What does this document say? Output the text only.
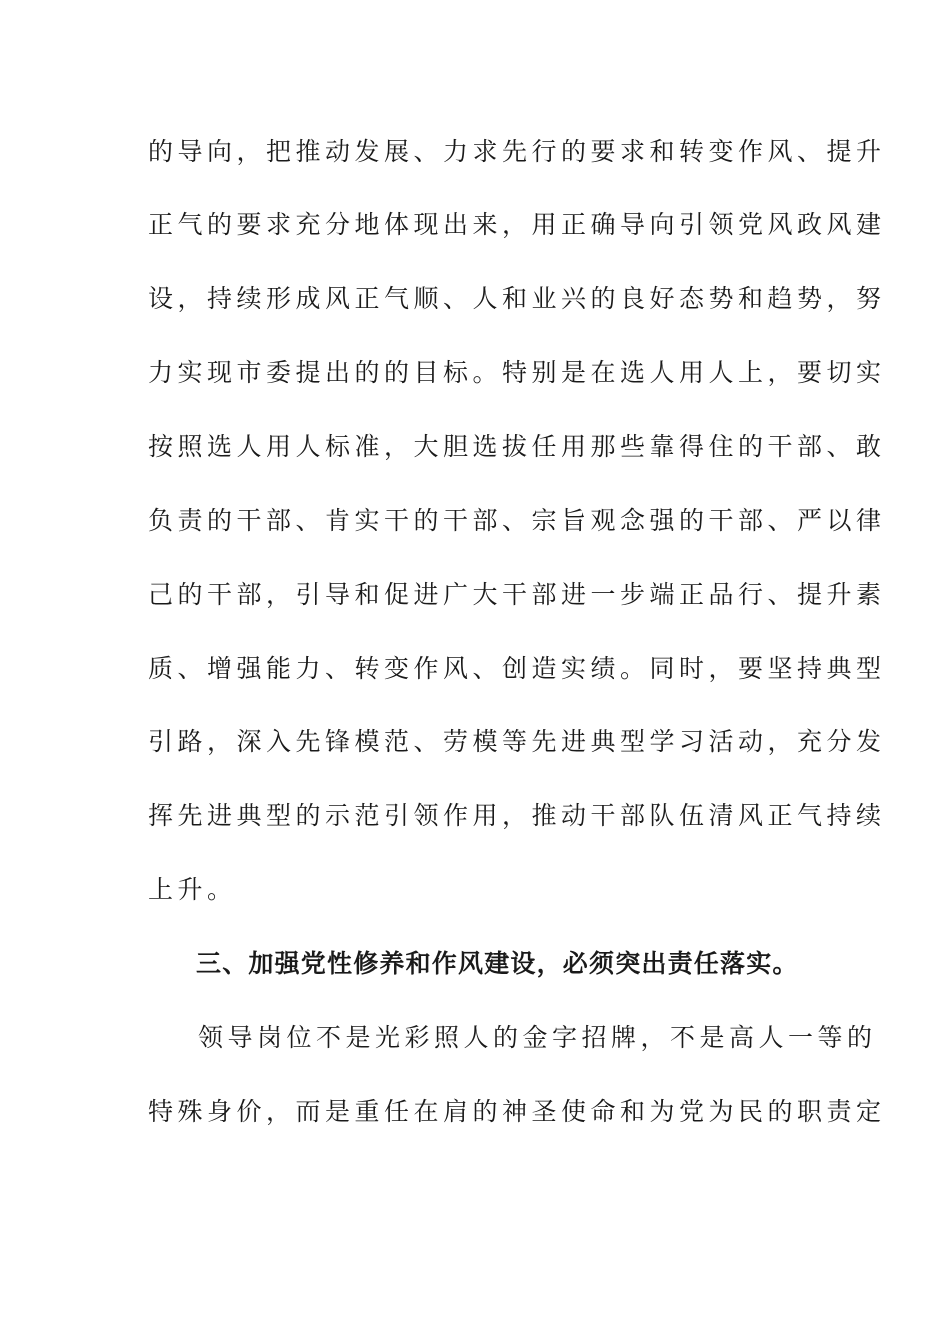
的导向，把推动发展、力求先行的要求和转变作风、提升
正气的要求充分地体现出来，用正确导向引领党风政风建
设，持续形成风正气顺、人和业兴的良好态势和趋势，努
力实现市委提出的的目标。特别是在选人用人上，要切实
按照选人用人标准，大胆选拔任用那些靠得住的干部、敢
负责的干部、肯实干的干部、宗旨观念强的干部、严以律
己的干部，引导和促进广大干部进一步端正品行、提升素
质、增强能力、转变作风、创造实绩。同时，要坚持典型
引路，深入先锋模范、劳模等先进典型学习活动，充分发
挥先进典型的示范引领作用，推动干部队伍清风正气持续
上升。
三、加强党性修养和作风建设，必须突出责任落实。
领导岗位不是光彩照人的金字招牌，不是高人一等的
特殊身价，而是重任在肩的神圣使命和为党为民的职责定
